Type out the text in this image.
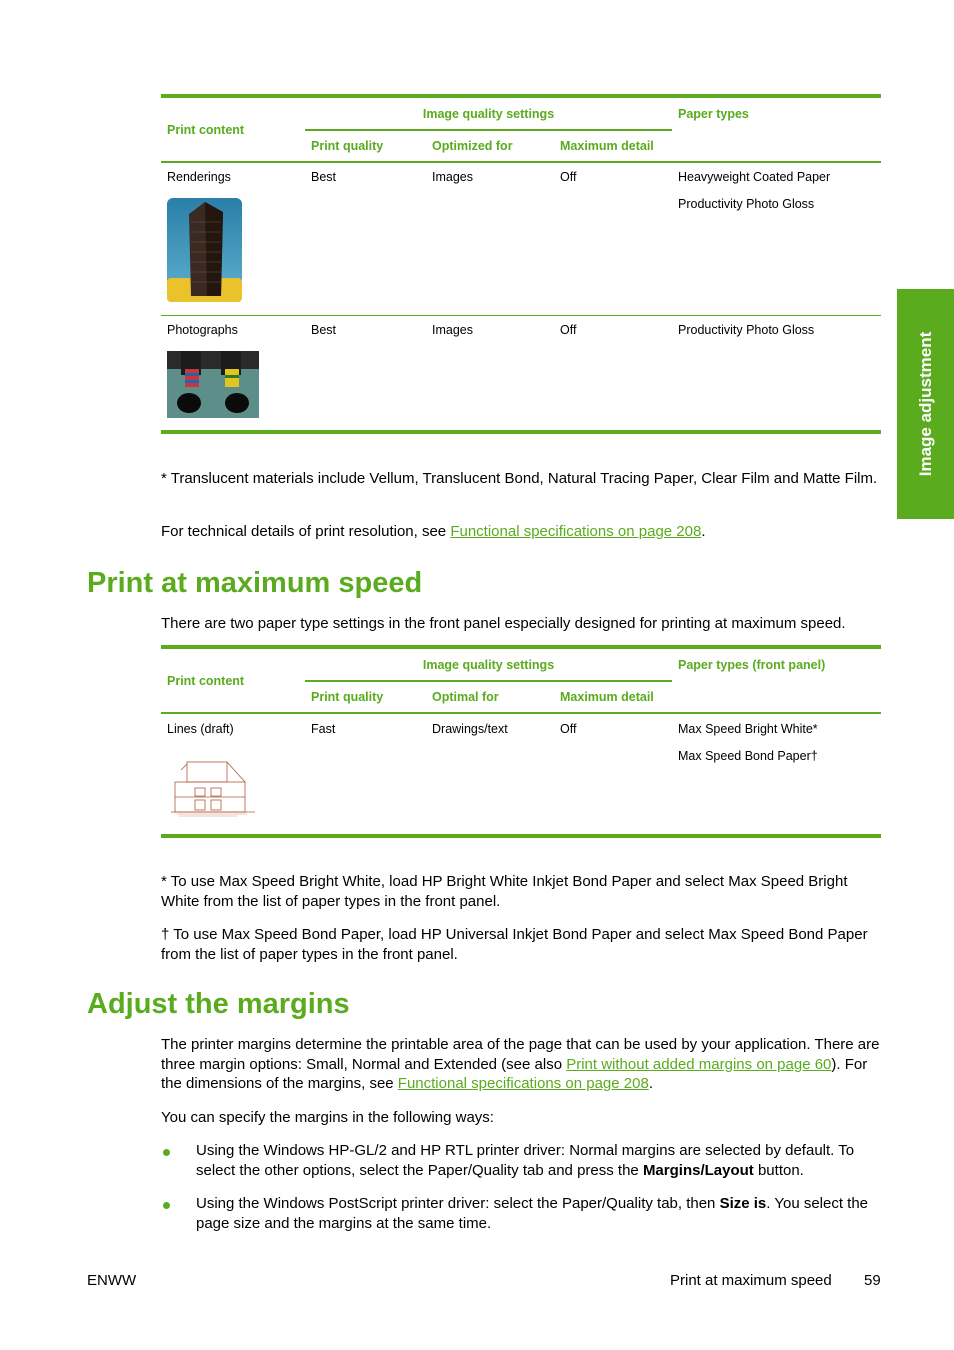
Image adjustment
Print content	Image quality settings			Paper types
	Print quality	Optimized for	Maximum detail	

Renderings	Best	Images	Off	Heavyweight Coated Paper
Productivity Photo Gloss

Photographs	Best	Images	Off	Productivity Photo Gloss

* Translucent materials include Vellum, Translucent Bond, Natural Tracing Paper, Clear Film and Matte Film.

For technical details of print resolution, see Functional specifications on page 208.

Print at maximum speed

There are two paper type settings in the front panel especially designed for printing at maximum speed.

Print content	Image quality settings			Paper types (front panel)
	Print quality	Optimal for	Maximum detail	

Lines (draft)	Fast	Drawings/text	Off	Max Speed Bright White*
Max Speed Bond Paper†

* To use Max Speed Bright White, load HP Bright White Inkjet Bond Paper and select Max Speed Bright White from the list of paper types in the front panel.

† To use Max Speed Bond Paper, load HP Universal Inkjet Bond Paper and select Max Speed Bond Paper from the list of paper types in the front panel.

Adjust the margins

The printer margins determine the printable area of the page that can be used by your application. There are three margin options: Small, Normal and Extended (see also Print without added margins on page 60). For the dimensions of the margins, see Functional specifications on page 208.

You can specify the margins in the following ways:

Using the Windows HP-GL/2 and HP RTL printer driver: Normal margins are selected by default. To select the other options, select the Paper/Quality tab and press the Margins/Layout button.
Using the Windows PostScript printer driver: select the Paper/Quality tab, then Size is. You select the page size and the margins at the same time.
ENWW	Print at maximum speed 59
